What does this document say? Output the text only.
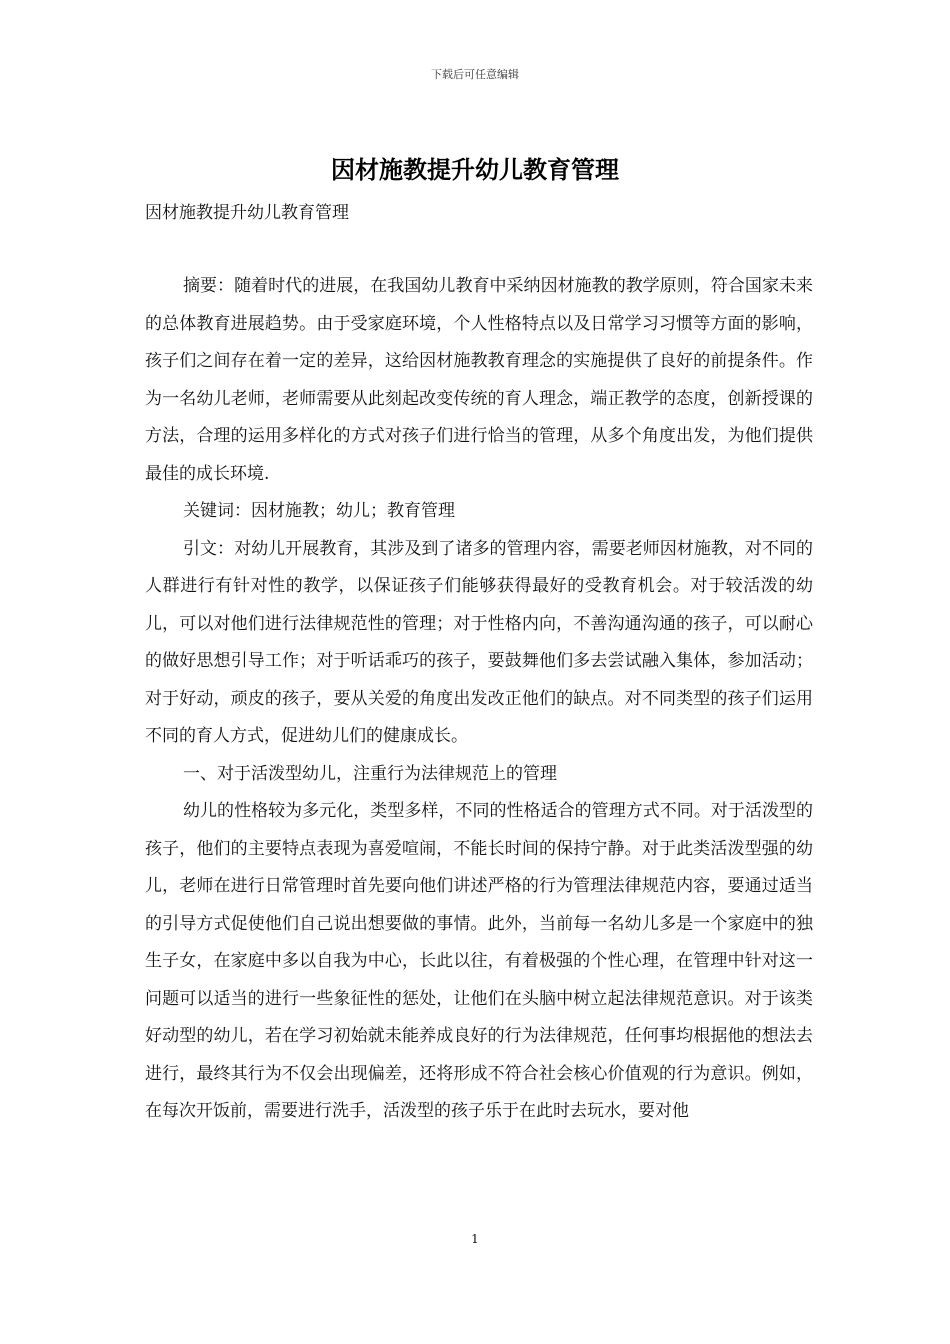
下载后可任意编辑
因材施教提升幼儿教育管理
因材施教提升幼儿教育管理

摘要：随着时代的进展，在我国幼儿教育中采纳因材施教的教学原则，符合国家未来的总体教育进展趋势。由于受家庭环境，个人性格特点以及日常学习习惯等方面的影响，孩子们之间存在着一定的差异，这给因材施教教育理念的实施提供了良好的前提条件。作为一名幼儿老师，老师需要从此刻起改变传统的育人理念，端正教学的态度，创新授课的方法，合理的运用多样化的方式对孩子们进行恰当的管理，从多个角度出发，为他们提供最佳的成长环境.

关键词：因材施教；幼儿；教育管理

引文：对幼儿开展教育，其涉及到了诸多的管理内容，需要老师因材施教，对不同的人群进行有针对性的教学，以保证孩子们能够获得最好的受教育机会。对于较活泼的幼儿，可以对他们进行法律规范性的管理；对于性格内向，不善沟通沟通的孩子，可以耐心的做好思想引导工作；对于听话乖巧的孩子，要鼓舞他们多去尝试融入集体，参加活动；对于好动，顽皮的孩子，要从关爱的角度出发改正他们的缺点。对不同类型的孩子们运用不同的育人方式，促进幼儿们的健康成长。

一、对于活泼型幼儿，注重行为法律规范上的管理

幼儿的性格较为多元化，类型多样，不同的性格适合的管理方式不同。对于活泼型的孩子，他们的主要特点表现为喜爱喧闹，不能长时间的保持宁静。对于此类活泼型强的幼儿，老师在进行日常管理时首先要向他们讲述严格的行为管理法律规范内容，要通过适当的引导方式促使他们自己说出想要做的事情。此外，当前每一名幼儿多是一个家庭中的独生子女，在家庭中多以自我为中心，长此以往，有着极强的个性心理，在管理中针对这一问题可以适当的进行一些象征性的惩处，让他们在头脑中树立起法律规范意识。对于该类好动型的幼儿，若在学习初始就未能养成良好的行为法律规范，任何事均根据他的想法去进行，最终其行为不仅会出现偏差，还将形成不符合社会核心价值观的行为意识。例如，在每次开饭前，需要进行洗手，活泼型的孩子乐于在此时去玩水，要对他

1
